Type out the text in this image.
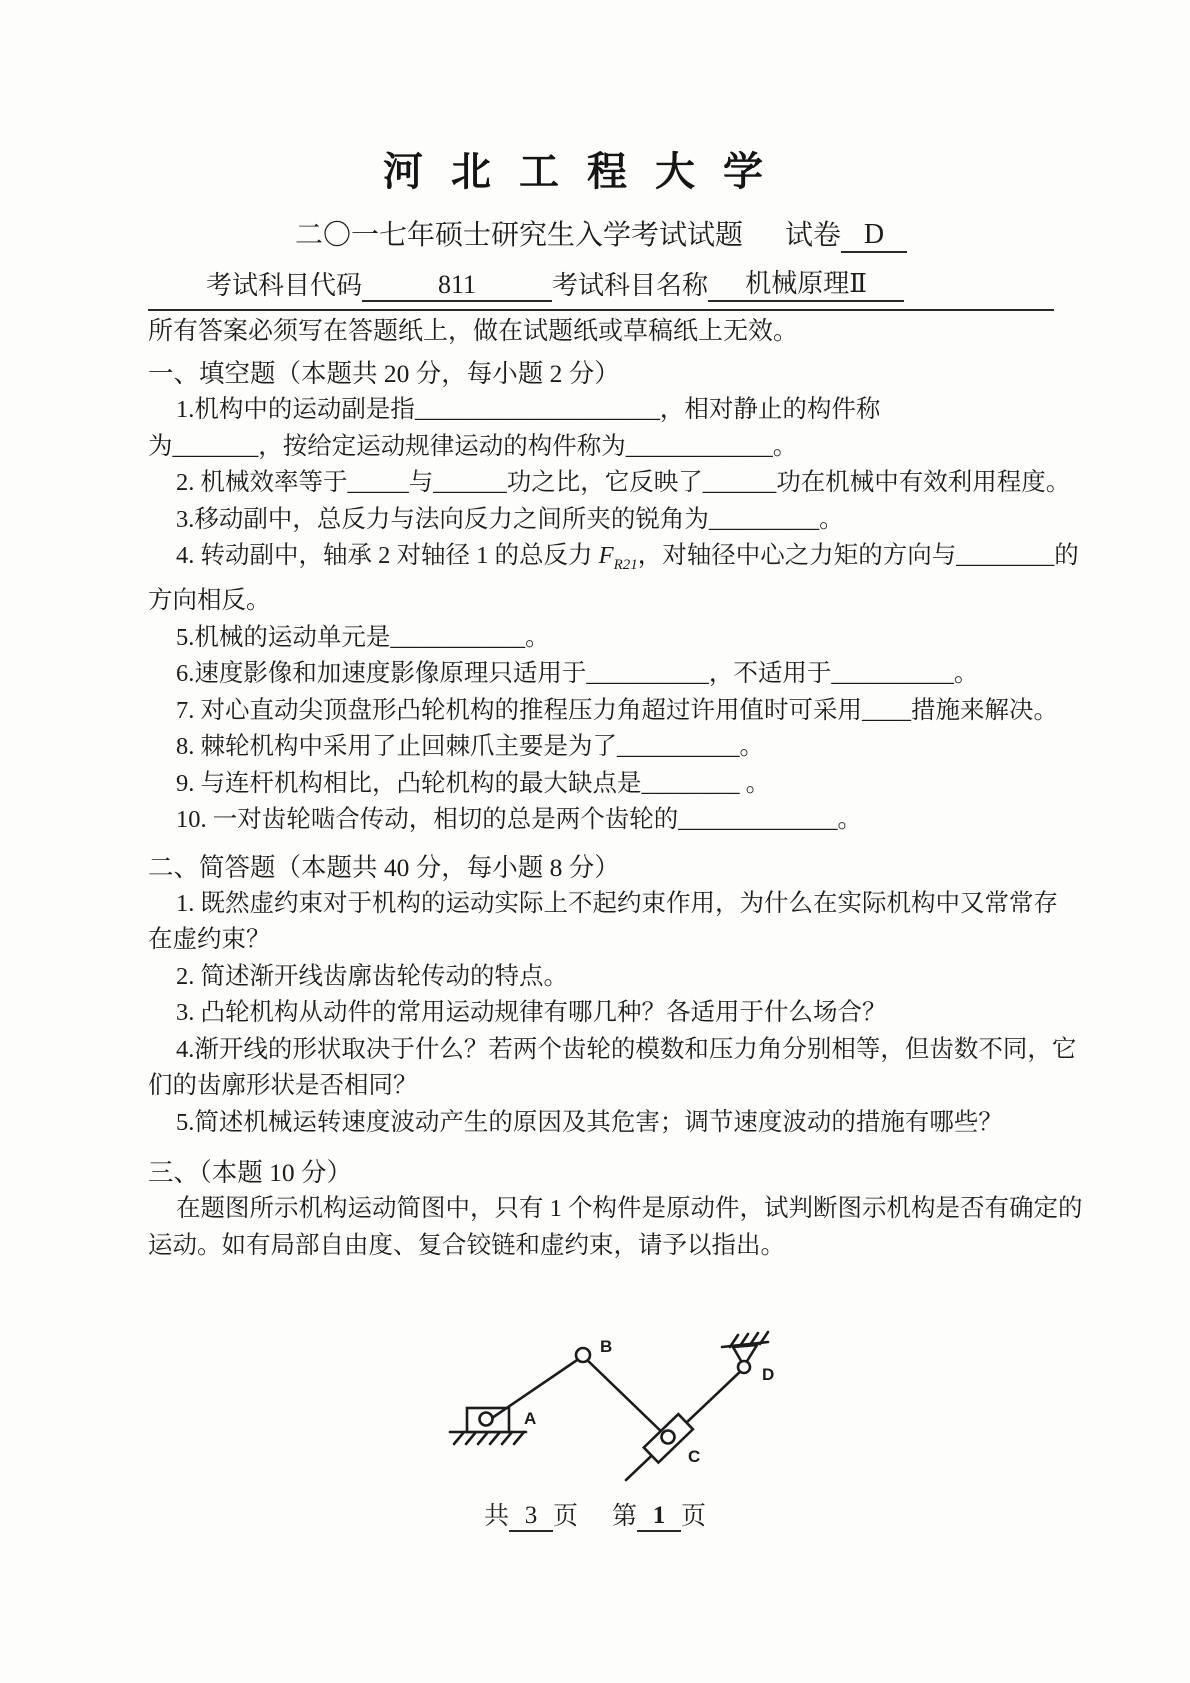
河北工程大学
二〇一七年硕士研究生入学考试试题 试卷 D
考试科目代码	811	考试科目名称 机械原理Ⅱ

所有答案必须写在答题纸上，做在试题纸或草稿纸上无效。

一、填空题（本题共 20 分，每小题 2 分）

1.机构中的运动副是指____________________，相对静止的构件称

为_______，按给定运动规律运动的构件称为____________。

2. 机械效率等于_____与______功之比，它反映了______功在机械中有效利用程度。

3.移动副中，总反力与法向反力之间所夹的锐角为_________。

4. 转动副中，轴承 2 对轴径 1 的总反力 $F_{R21}$，对轴径中心之力矩的方向与________的

方向相反。

5.机械的运动单元是___________。

6.速度影像和加速度影像原理只适用于__________，不适用于__________。

7. 对心直动尖顶盘形凸轮机构的推程压力角超过许用值时可采用____措施来解决。

8. 棘轮机构中采用了止回棘爪主要是为了__________。

9. 与连杆机构相比，凸轮机构的最大缺点是________ 。

10. 一对齿轮啮合传动，相切的总是两个齿轮的_____________。

二、简答题（本题共 40 分，每小题 8 分）

1. 既然虚约束对于机构的运动实际上不起约束作用，为什么在实际机构中又常常存

在虚约束？

2. 简述渐开线齿廓齿轮传动的特点。

3. 凸轮机构从动件的常用运动规律有哪几种？各适用于什么场合？

4.渐开线的形状取决于什么？若两个齿轮的模数和压力角分别相等，但齿数不同，它

们的齿廓形状是否相同？

5.简述机械运转速度波动产生的原因及其危害；调节速度波动的措施有哪些？

三、（本题 10 分）

在题图所示机构运动简图中，只有 1 个构件是原动件，试判断图示机构是否有确定的

运动。如有局部自由度、复合铰链和虚约束，请予以指出。

A
B
C
D
共 3 页 第 1 页
